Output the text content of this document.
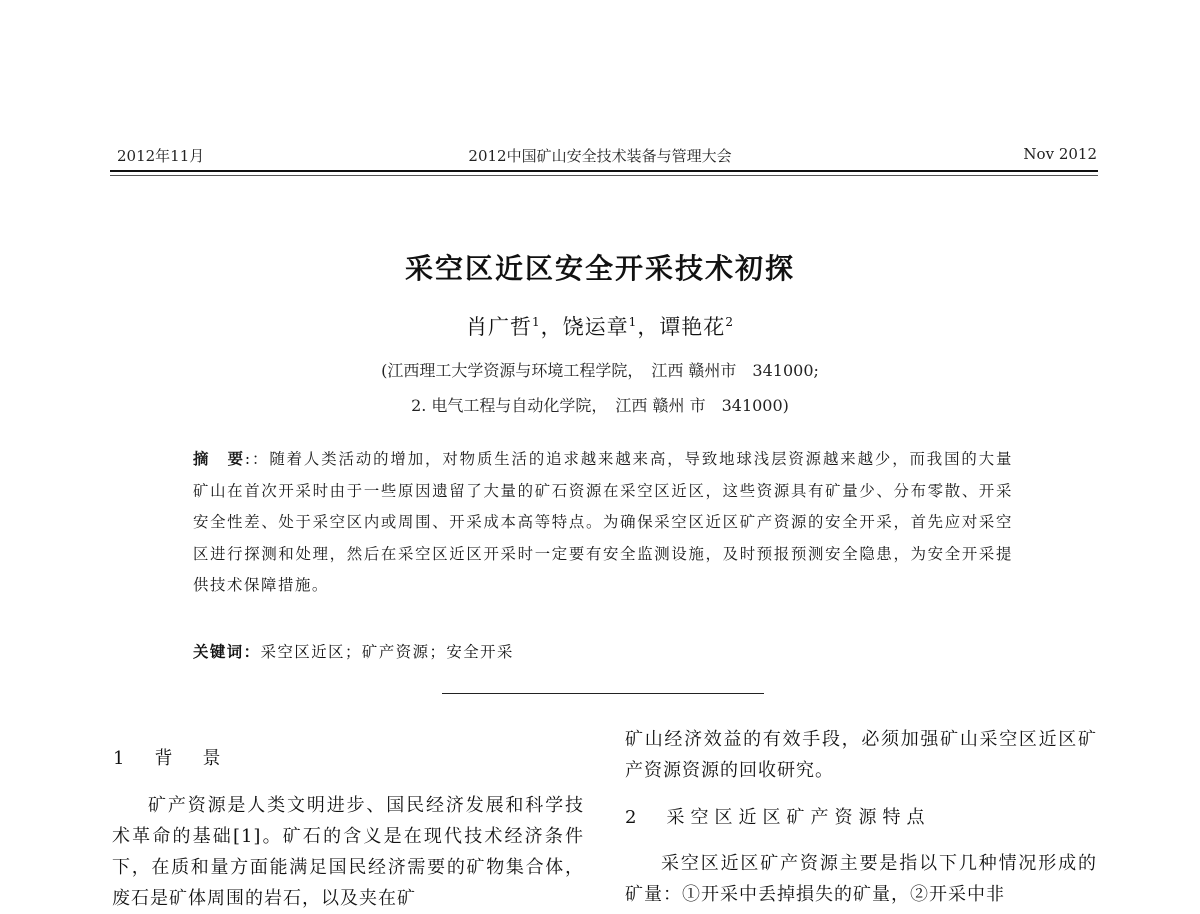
2012年11月	2012中国矿山安全技术装备与管理大会	Nov 2012
采空区近区安全开采技术初探
肖广哲$^1$，饶运章$^1$，谭艳花$^2$
(江西理工大学资源与环境工程学院，　江西 赣州市　341000;
2. 电气工程与自动化学院，　江西 赣州 市　341000)
摘　要:：随着人类活动的增加，对物质生活的追求越来越来高，导致地球浅层资源越来越少，而我国的大量矿山在首次开采时由于一些原因遗留了大量的矿石资源在采空区近区，这些资源具有矿量少、分布零散、开采安全性差、处于采空区内或周围、开采成本高等特点。为确保采空区近区矿产资源的安全开采，首先应对采空区进行探测和处理，然后在采空区近区开采时一定要有安全监测设施，及时预报预测安全隐患，为安全开采提供技术保障措施。
关键词：采空区近区；矿产资源；安全开采
1　背　景
矿产资源是人类文明进步、国民经济发展和科学技术革命的基础[1]。矿石的含义是在现代技术经济条件下，在质和量方面能满足国民经济需要的矿物集合体，废石是矿体周围的岩石，以及夹在矿
矿山经济效益的有效手段，必须加强矿山采空区近区矿产资源资源的回收研究。
2　采空区近区矿产资源特点
采空区近区矿产资源主要是指以下几种情况形成的矿量：①开采中丢掉損失的矿量，②开采中非
